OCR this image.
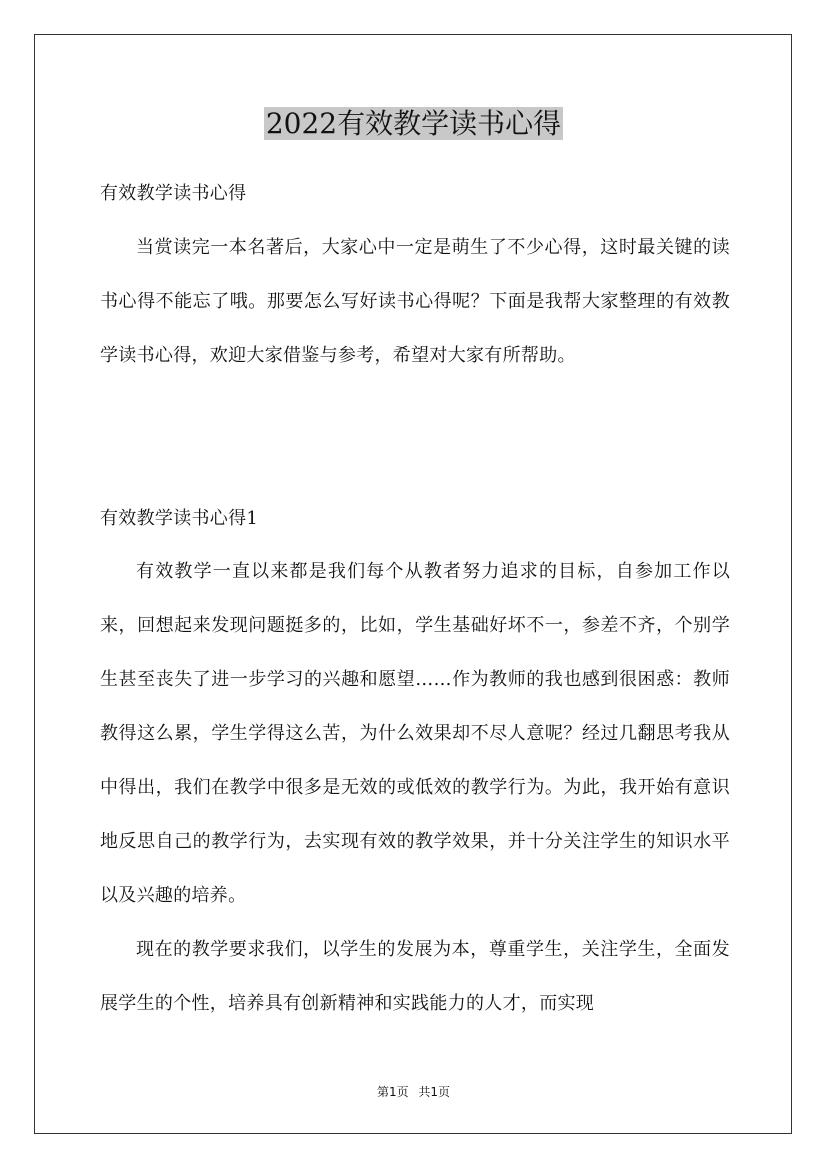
2022有效教学读书心得

有效教学读书心得

当赏读完一本名著后，大家心中一定是萌生了不少心得，这时最关键的读书心得不能忘了哦。那要怎么写好读书心得呢？下面是我帮大家整理的有效教学读书心得，欢迎大家借鉴与参考，希望对大家有所帮助。

有效教学读书心得1

有效教学一直以来都是我们每个从教者努力追求的目标，自参加工作以来，回想起来发现问题挺多的，比如，学生基础好坏不一，参差不齐，个别学生甚至丧失了进一步学习的兴趣和愿望……作为教师的我也感到很困惑：教师教得这么累，学生学得这么苦，为什么效果却不尽人意呢？经过几翻思考我从中得出，我们在教学中很多是无效的或低效的教学行为。为此，我开始有意识地反思自己的教学行为，去实现有效的教学效果，并十分关注学生的知识水平以及兴趣的培养。

现在的教学要求我们，以学生的发展为本，尊重学生，关注学生，全面发展学生的个性，培养具有创新精神和实践能力的人才，而实现

第1页 共1页
